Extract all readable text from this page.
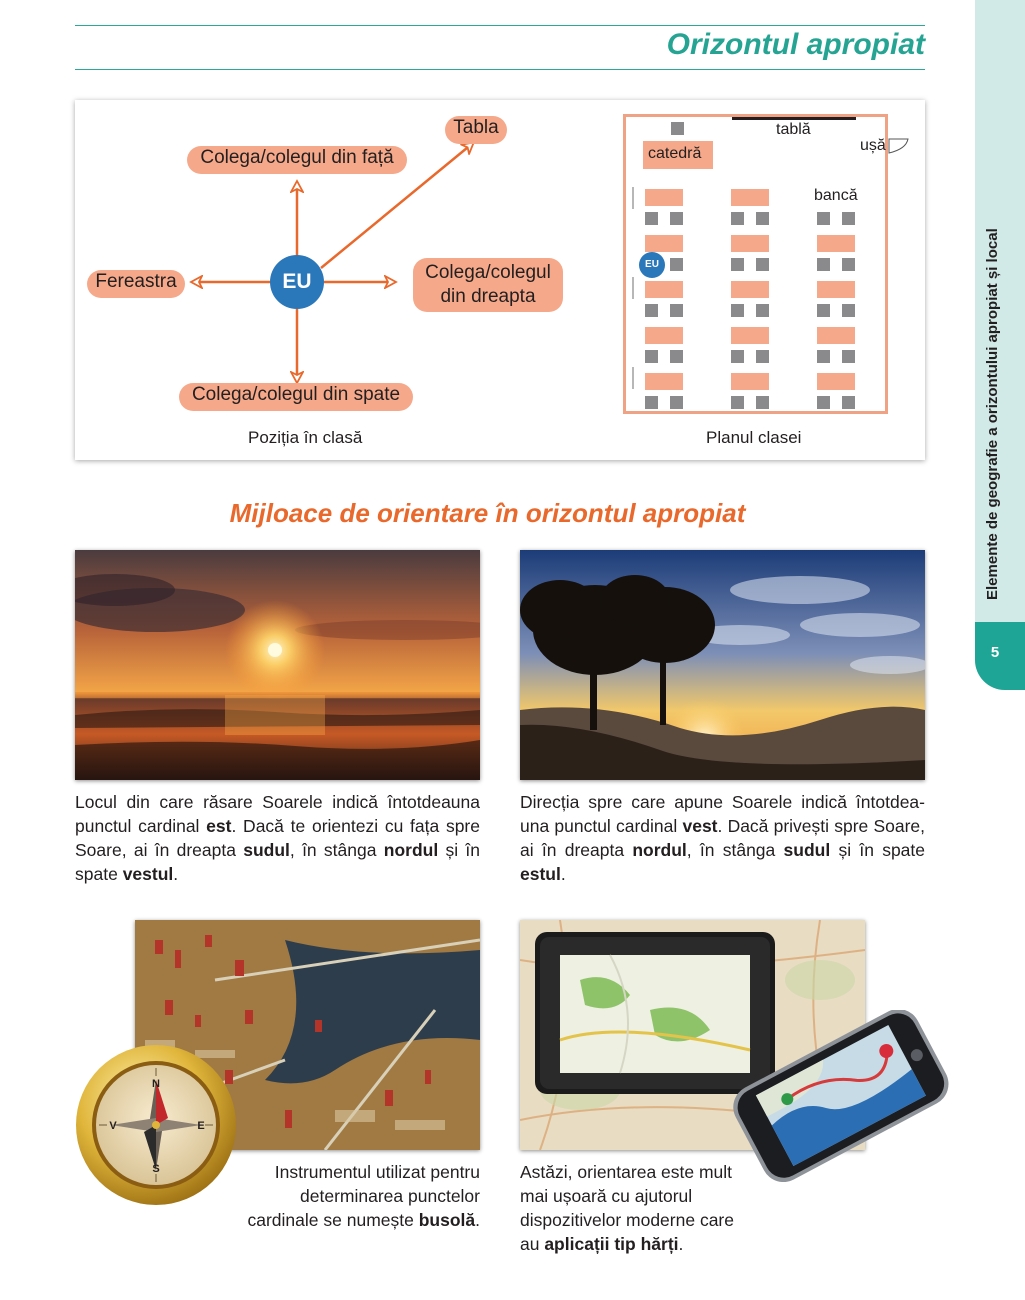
Orizontul apropiat
Elemente de geografie a orizontului apropiat și local
5
Colega/colegul din față
Tabla
Fereastra	Colega/colegul
din dreapta
Colega/colegul din spate
EU
Poziția în clasă
tablă
ușă
catedră
bancă
EU
Planul clasei
Mijloace de orientare în orizontul apropiat

Locul din care răsare Soarele indică întotdeauna punctul cardinal est. Dacă te orientezi cu fața spre Soare, ai în dreapta sudul, în stânga nordul și în spate vestul.

Direcția spre care apune Soarele indică întotdea-una punctul cardinal vest. Dacă privești spre Soare, ai în dreapta nordul, în stânga sudul și în spate estul.

N
S
E
V

Instrumentul utilizat pentru determinarea punctelor cardinale se numește busolă.

Astăzi, orientarea este mult mai ușoară cu ajutorul dispozitivelor moderne care au aplicații tip hărți.
